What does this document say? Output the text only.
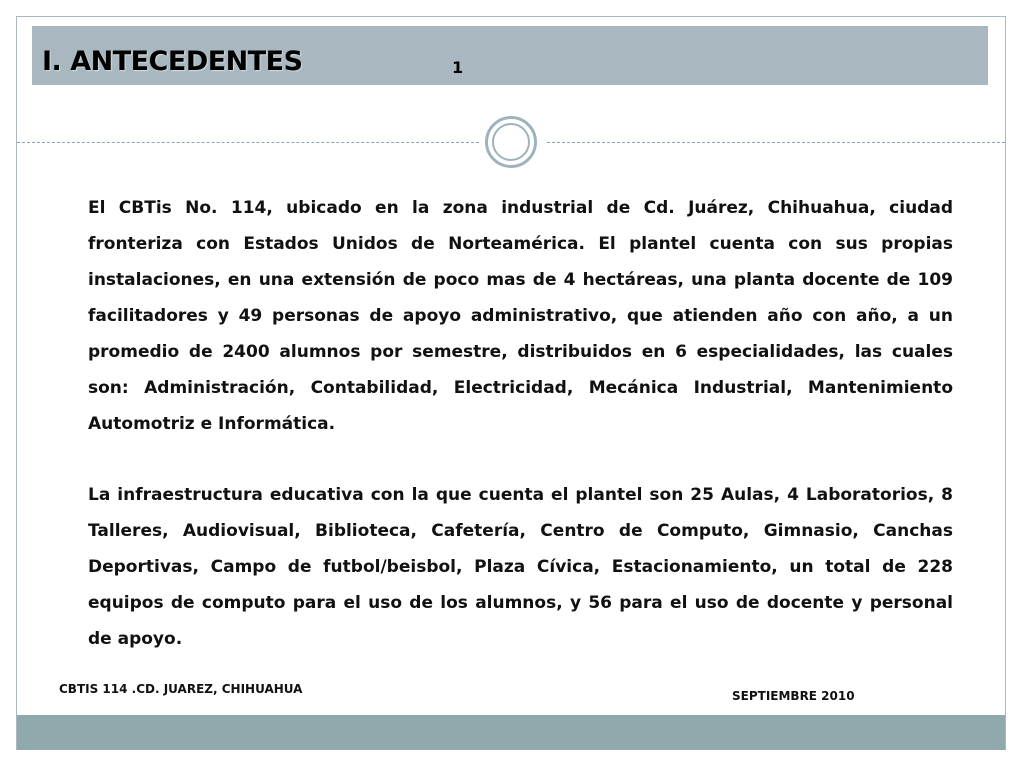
I. ANTECEDENTES	1
El CBTis No. 114, ubicado en la zona industrial de Cd. Juárez, Chihuahua, ciudad fronteriza con Estados Unidos de Norteamérica. El plantel cuenta con sus propias instalaciones, en una extensión de poco mas de 4 hectáreas, una planta docente de 109 facilitadores y 49 personas de apoyo administrativo, que atienden año con año, a un promedio de 2400 alumnos por semestre, distribuidos en 6 especialidades, las cuales son: Administración, Contabilidad, Electricidad, Mecánica Industrial, Mantenimiento Automotriz e Informática.
La infraestructura educativa con la que cuenta el plantel son 25 Aulas, 4 Laboratorios, 8 Talleres, Audiovisual, Biblioteca, Cafetería, Centro de Computo, Gimnasio, Canchas Deportivas, Campo de futbol/beisbol, Plaza Cívica, Estacionamiento, un total de 228 equipos de computo para el uso de los alumnos, y 56 para el uso de docente y personal de apoyo.
CBTIS 114 .CD. JUAREZ, CHIHUAHUA	SEPTIEMBRE 2010
